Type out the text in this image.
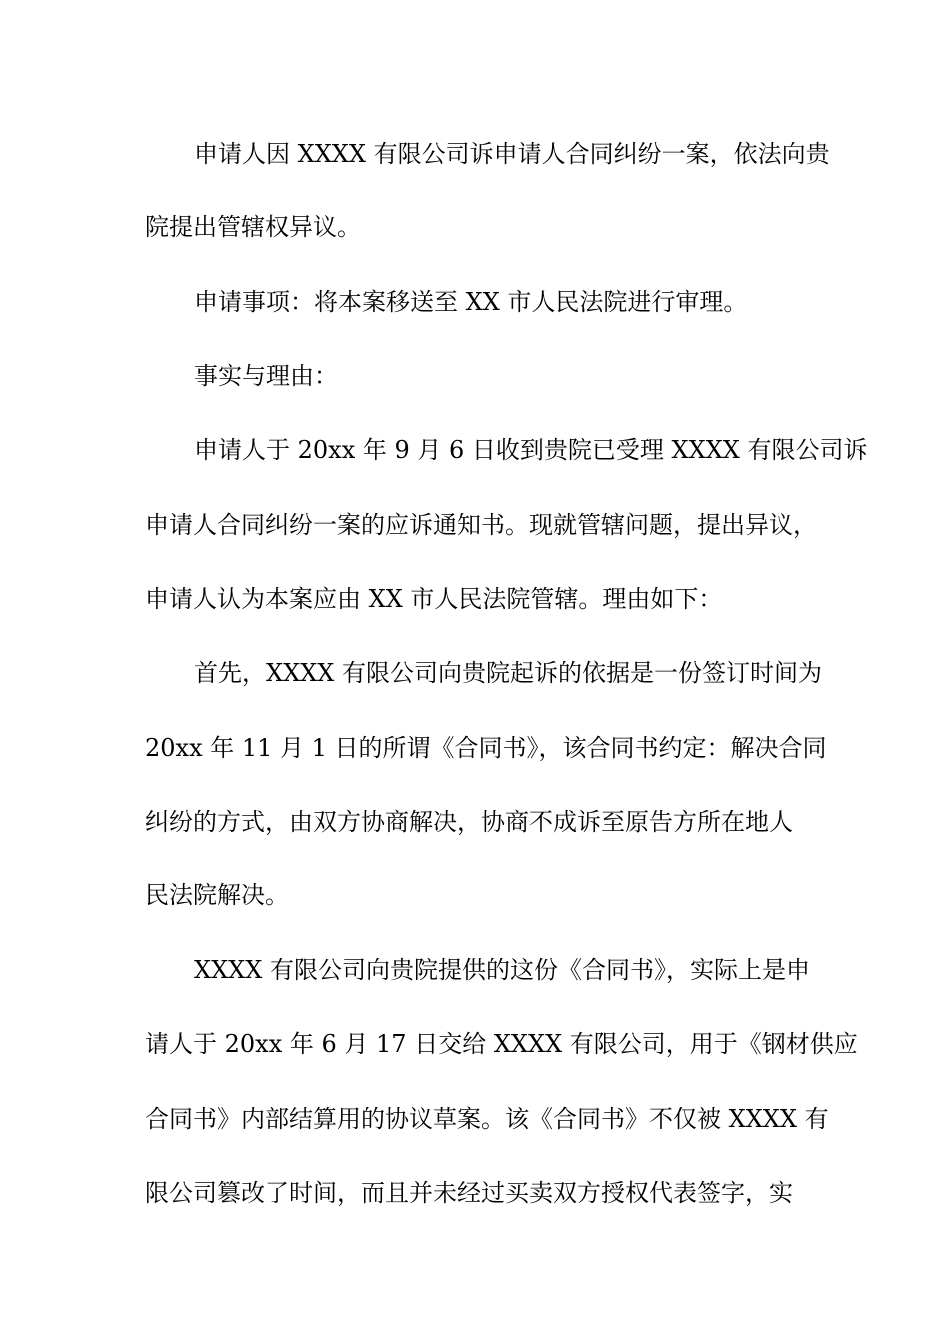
申请人因 XXXX 有限公司诉申请人合同纠纷一案，依法向贵

院提出管辖权异议。

申请事项：将本案移送至 XX 市人民法院进行审理。

事实与理由：

申请人于 20xx 年 9 月 6 日收到贵院已受理 XXXX 有限公司诉

申请人合同纠纷一案的应诉通知书。现就管辖问题，提出异议，

申请人认为本案应由 XX 市人民法院管辖。理由如下：

首先，XXXX 有限公司向贵院起诉的依据是一份签订时间为

20xx 年 11 月 1 日的所谓《合同书》，该合同书约定：解决合同

纠纷的方式，由双方协商解决，协商不成诉至原告方所在地人

民法院解决。

XXXX 有限公司向贵院提供的这份《合同书》，实际上是申

请人于 20xx 年 6 月 17 日交给 XXXX 有限公司，用于《钢材供应

合同书》内部结算用的协议草案。该《合同书》不仅被 XXXX 有

限公司篡改了时间，而且并未经过买卖双方授权代表签字，实
